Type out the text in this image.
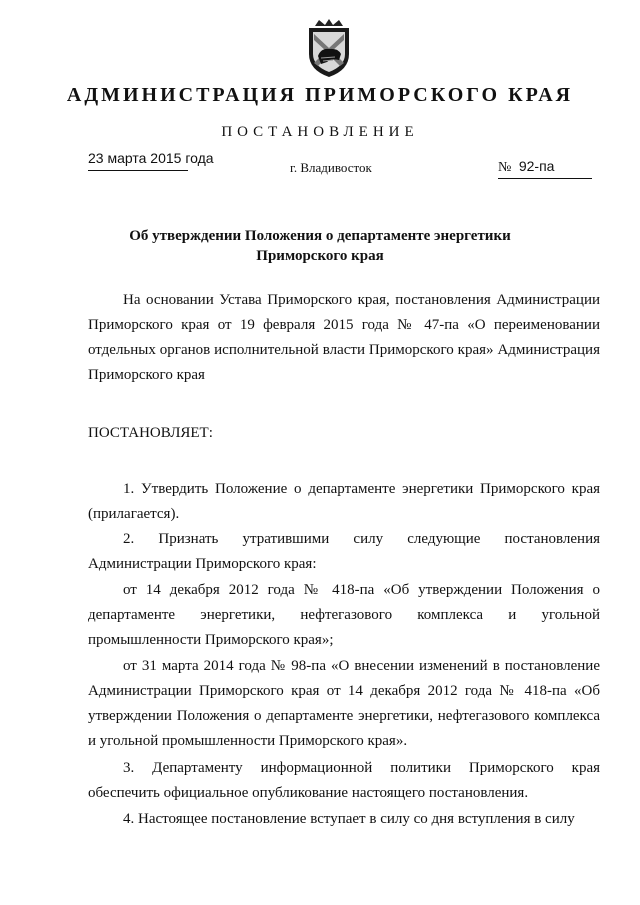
АДМИНИСТРАЦИЯ ПРИМОРСКОГО КРАЯ
ПОСТАНОВЛЕНИЕ
23 марта 2015 года
г. Владивосток	№ 92-па
Об утверждении Положения о департаменте энергетики
Приморского края
На основании Устава Приморского края, постановления Администрации Приморского края от 19 февраля 2015 года № 47-па «О переименовании отдельных органов исполнительной власти Приморского края» Администрация Приморского края
ПОСТАНОВЛЯЕТ:
1. Утвердить Положение о департаменте энергетики Приморского края (прилагается).
2. Признать утратившими силу следующие постановления Администрации Приморского края:
от 14 декабря 2012 года № 418-па «Об утверждении Положения о департаменте энергетики, нефтегазового комплекса и угольной промышленности Приморского края»;
от 31 марта 2014 года № 98-па «О внесении изменений в постановление Администрации Приморского края от 14 декабря 2012 года № 418-па «Об утверждении Положения о департаменте энергетики, нефтегазового комплекса и угольной промышленности Приморского края».
3. Департаменту информационной политики Приморского края обеспечить официальное опубликование настоящего постановления.
4. Настоящее постановление вступает в силу со дня вступления в силу
